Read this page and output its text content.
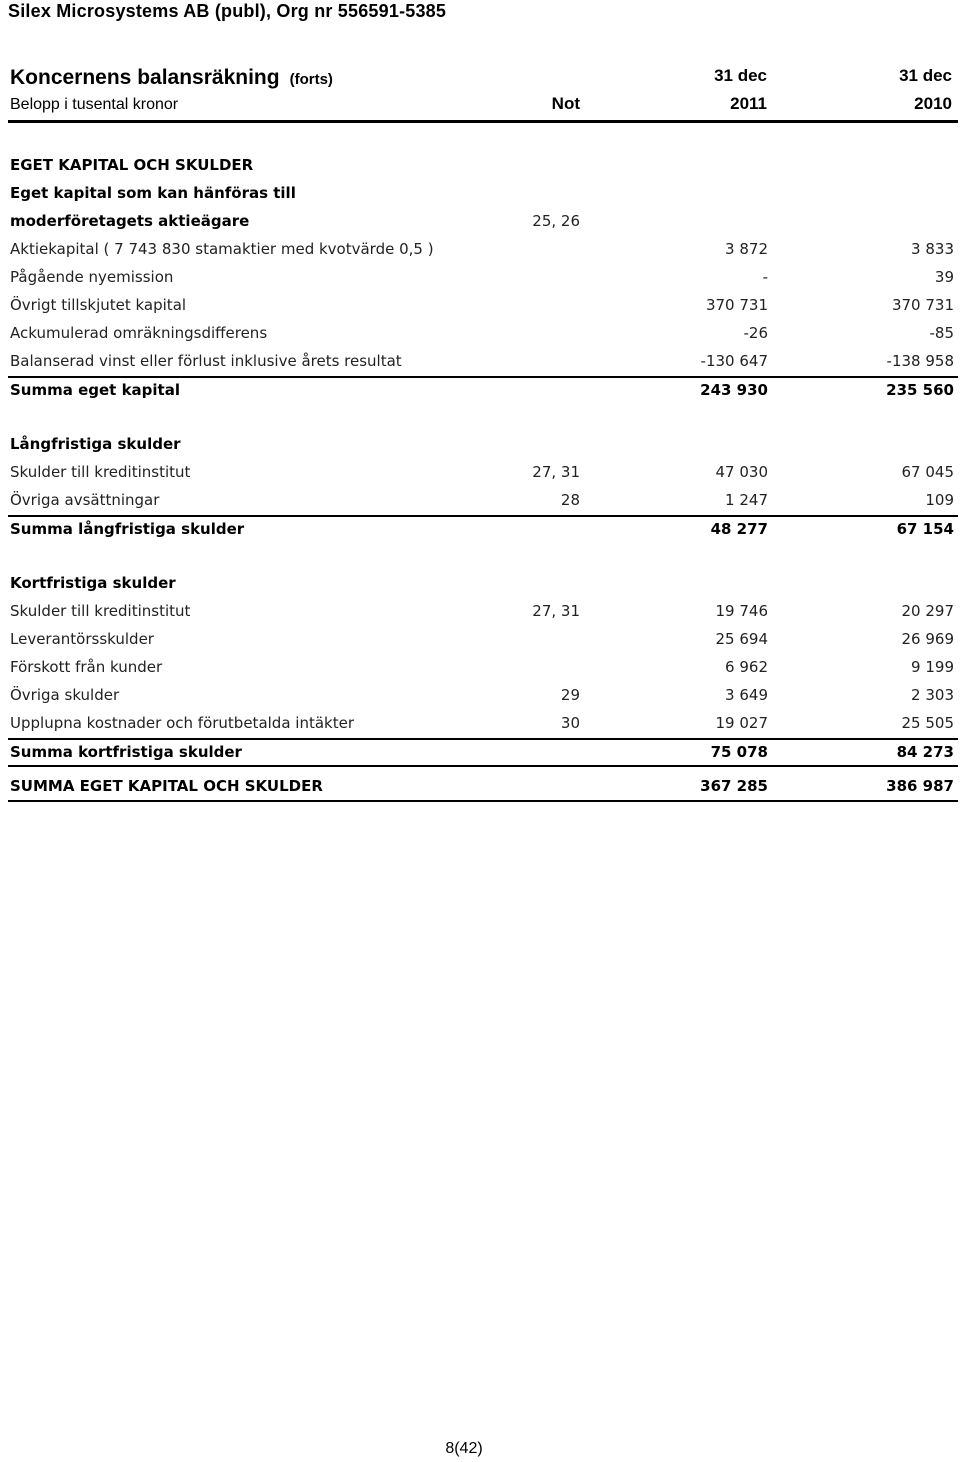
Silex Microsystems AB (publ), Org nr 556591-5385
Koncernens balansräkning (forts)
Belopp i tusental kronor
31 dec	31 dec
Not	2011	2010
EGET KAPITAL OCH SKULDER
Eget kapital som kan hänföras till
moderföretagets aktieägare	25, 26
Aktiekapital ( 7 743 830 stamaktier med kvotvärde 0,5 )	3 872	3 833
Pågående nyemission	-	39
Övrigt tillskjutet kapital	370 731	370 731
Ackumulerad omräkningsdifferens	-26	-85
Balanserad vinst eller förlust inklusive årets resultat	-130 647	-138 958
Summa eget kapital	243 930	235 560
Långfristiga skulder
Skulder till kreditinstitut	27, 31	47 030	67 045
Övriga avsättningar	28	1 247	109
Summa långfristiga skulder	48 277	67 154
Kortfristiga skulder
Skulder till kreditinstitut	27, 31	19 746	20 297
Leverantörsskulder	25 694	26 969
Förskott från kunder	6 962	9 199
Övriga skulder	29	3 649	2 303
Upplupna kostnader och förutbetalda intäkter	30	19 027	25 505
Summa kortfristiga skulder	75 078	84 273
SUMMA EGET KAPITAL OCH SKULDER	367 285	386 987
8(42)
